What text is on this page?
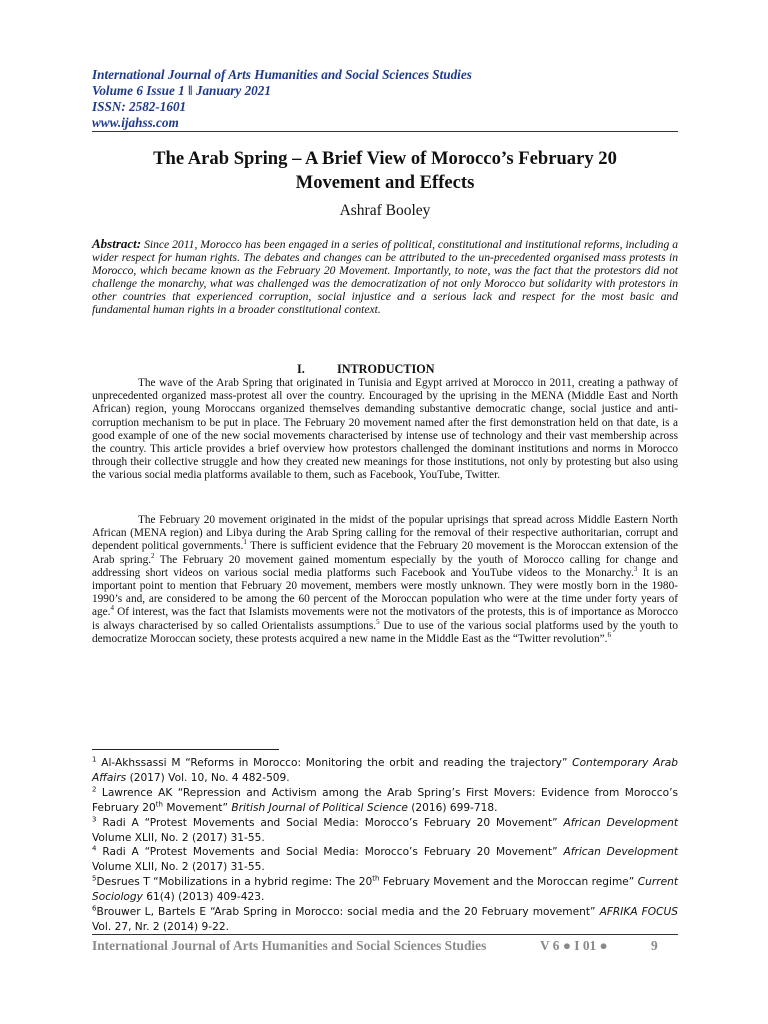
International Journal of Arts Humanities and Social Sciences Studies
Volume 6 Issue 1 ǁ January 2021
ISSN: 2582-1601
www.ijahss.com
The Arab Spring – A Brief View of Morocco’s February 20
Movement and Effects
Ashraf Booley
Abstract: Since 2011, Morocco has been engaged in a series of political, constitutional and institutional reforms, including a wider respect for human rights. The debates and changes can be attributed to the un-precedented organised mass protests in Morocco, which became known as the February 20 Movement. Importantly, to note, was the fact that the protestors did not challenge the monarchy, what was challenged was the democratization of not only Morocco but solidarity with protestors in other countries that experienced corruption, social injustice and a serious lack and respect for the most basic and fundamental human rights in a broader constitutional context.
I.	INTRODUCTION

The wave of the Arab Spring that originated in Tunisia and Egypt arrived at Morocco in 2011, creating a pathway of unprecedented organized mass-protest all over the country. Encouraged by the uprising in the MENA (Middle East and North African) region, young Moroccans organized themselves demanding substantive democratic change, social justice and anti-corruption mechanism to be put in place. The February 20 movement named after the first demonstration held on that date, is a good example of one of the new social movements characterised by intense use of technology and their vast membership across the country. This article provides a brief overview how protestors challenged the dominant institutions and norms in Morocco through their collective struggle and how they created new meanings for those institutions, not only by protesting but also using the various social media platforms available to them, such as Facebook, YouTube, Twitter.

The February 20 movement originated in the midst of the popular uprisings that spread across Middle Eastern North African (MENA region) and Libya during the Arab Spring calling for the removal of their respective authoritarian, corrupt and dependent political governments.$^1$ There is sufficient evidence that the February 20 movement is the Moroccan extension of the Arab spring.$^2$ The February 20 movement gained momentum especially by the youth of Morocco calling for change and addressing short videos on various social media platforms such Facebook and YouTube videos to the Monarchy.$^3$ It is an important point to mention that February 20 movement, members were mostly unknown. They were mostly born in the 1980-1990’s and, are considered to be among the 60 percent of the Moroccan population who were at the time under forty years of age.$^4$ Of interest, was the fact that Islamists movements were not the motivators of the protests, this is of importance as Morocco is always characterised by so called Orientalists assumptions.$^5$ Due to use of the various social platforms used by the youth to democratize Moroccan society, these protests acquired a new name in the Middle East as the “Twitter revolution”.$^6$

$^1$ Al-Akhssassi M “Reforms in Morocco: Monitoring the orbit and reading the trajectory” Contemporary Arab Affairs (2017) Vol. 10, No. 4 482-509.
$^2$ Lawrence AK “Repression and Activism among the Arab Spring’s First Movers: Evidence from Morocco’s February 20th Movement” British Journal of Political Science (2016) 699-718.
$^3$ Radi A “Protest Movements and Social Media: Morocco’s February 20 Movement” African Development Volume XLII, No. 2 (2017) 31-55.
$^4$ Radi A “Protest Movements and Social Media: Morocco’s February 20 Movement” African Development Volume XLII, No. 2 (2017) 31-55.
$^5$Desrues T “Mobilizations in a hybrid regime: The 20th February Movement and the Moroccan regime” Current Sociology 61(4) (2013) 409-423.
$^6$Brouwer L, Bartels E “Arab Spring in Morocco: social media and the 20 February movement” AFRIKA FOCUS Vol. 27, Nr. 2 (2014) 9-22.
International Journal of Arts Humanities and Social Sciences Studies	V 6 ● I 01 ●	9
